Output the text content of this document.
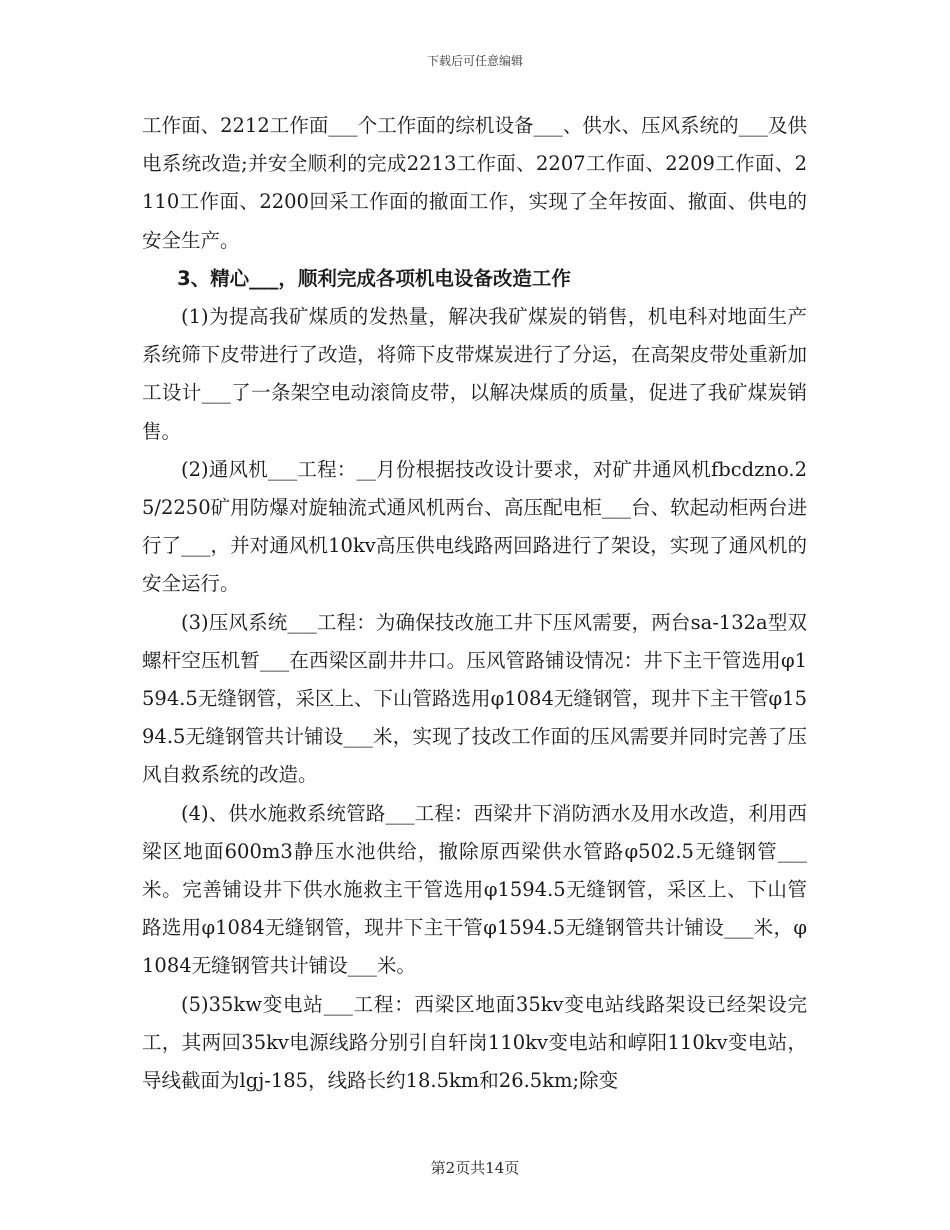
下载后可任意编辑

工作面、2212工作面___个工作面的综机设备___、供水、压风系统的___及供电系统改造;并安全顺利的完成2213工作面、2207工作面、2209工作面、2110工作面、2200回采工作面的撤面工作，实现了全年按面、撤面、供电的安全生产。

3、精心___，顺利完成各项机电设备改造工作

(1)为提高我矿煤质的发热量，解决我矿煤炭的销售，机电科对地面生产系统筛下皮带进行了改造，将筛下皮带煤炭进行了分运，在高架皮带处重新加工设计___了一条架空电动滚筒皮带，以解决煤质的质量，促进了我矿煤炭销售。

(2)通风机___工程：__月份根据技改设计要求，对矿井通风机fbcdzno.25/2250矿用防爆对旋轴流式通风机两台、高压配电柜___台、软起动柜两台进行了___，并对通风机10kv高压供电线路两回路进行了架设，实现了通风机的安全运行。

(3)压风系统___工程：为确保技改施工井下压风需要，两台sa-132a型双螺杆空压机暂___在西梁区副井井口。压风管路铺设情况：井下主干管选用φ1594.5无缝钢管，采区上、下山管路选用φ1084无缝钢管，现井下主干管φ1594.5无缝钢管共计铺设___米，实现了技改工作面的压风需要并同时完善了压风自救系统的改造。

(4)、供水施救系统管路___工程：西梁井下消防洒水及用水改造，利用西梁区地面600m3静压水池供给，撤除原西梁供水管路φ502.5无缝钢管___米。完善铺设井下供水施救主干管选用φ1594.5无缝钢管，采区上、下山管路选用φ1084无缝钢管，现井下主干管φ1594.5无缝钢管共计铺设___米，φ1084无缝钢管共计铺设___米。

(5)35kw变电站___工程：西梁区地面35kv变电站线路架设已经架设完工，其两回35kv电源线路分别引自轩岗110kv变电站和崞阳110kv变电站，导线截面为lgj-185，线路长约18.5km和26.5km;除变

第2页共14页
